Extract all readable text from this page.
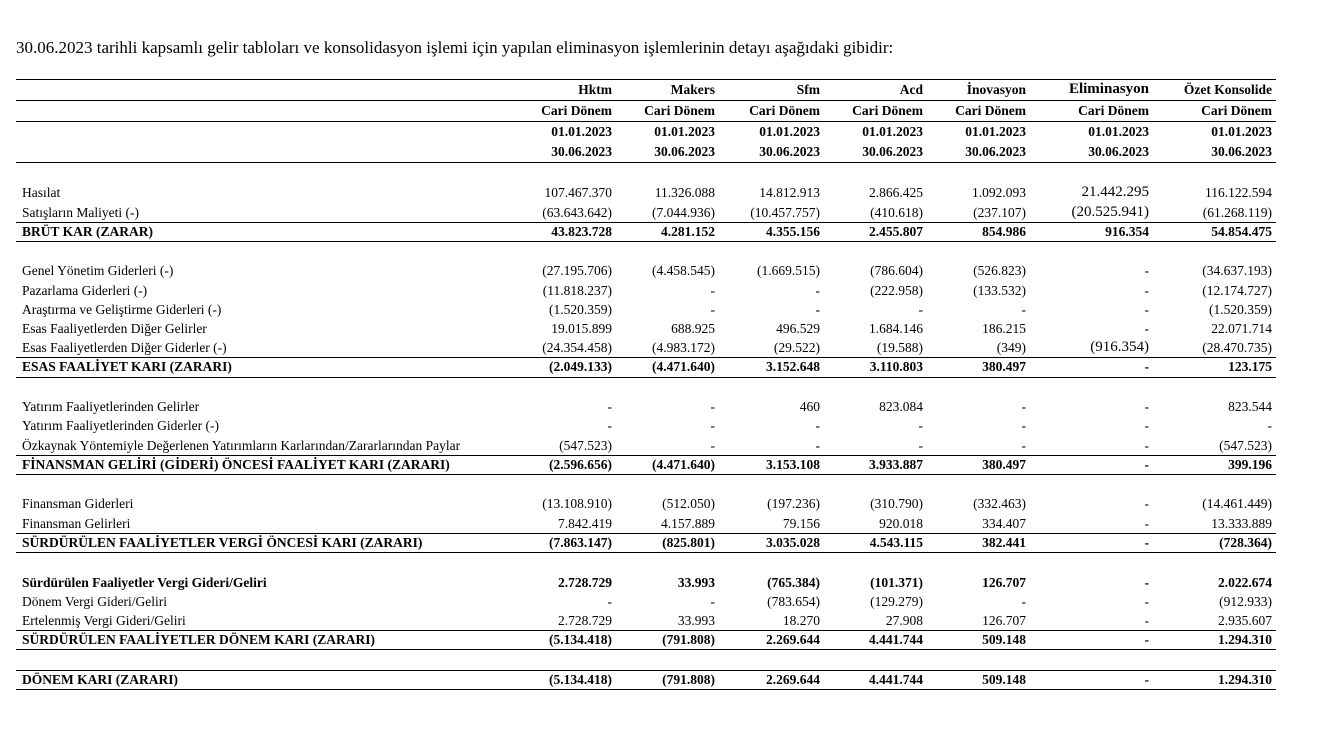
30.06.2023 tarihli kapsamlı gelir tabloları ve konsolidasyon işlemi için yapılan eliminasyon işlemlerinin detayı aşağıdaki gibidir:
Hktm	Makers	Sfm	Acd	İnovasyon	Eliminasyon	Özet Konsolide
Cari Dönem	Cari Dönem	Cari Dönem	Cari Dönem	Cari Dönem	Cari Dönem	Cari Dönem
01.01.2023	01.01.2023	01.01.2023	01.01.2023	01.01.2023	01.01.2023	01.01.2023
30.06.2023	30.06.2023	30.06.2023	30.06.2023	30.06.2023	30.06.2023	30.06.2023
Hasılat	107.467.370	11.326.088	14.812.913	2.866.425	1.092.093	21.442.295	116.122.594
Satışların Maliyeti (-)	(63.643.642)	(7.044.936)	(10.457.757)	(410.618)	(237.107)	(20.525.941)	(61.268.119)
BRÜT KAR (ZARAR)	43.823.728	4.281.152	4.355.156	2.455.807	854.986	916.354	54.854.475
Genel Yönetim Giderleri (-)	(27.195.706)	(4.458.545)	(1.669.515)	(786.604)	(526.823)	-	(34.637.193)
Pazarlama Giderleri (-)	(11.818.237)	-	-	(222.958)	(133.532)	-	(12.174.727)
Araştırma ve Geliştirme Giderleri (-)	(1.520.359)	-	-	-	-	-	(1.520.359)
Esas Faaliyetlerden Diğer Gelirler	19.015.899	688.925	496.529	1.684.146	186.215	-	22.071.714
Esas Faaliyetlerden Diğer Giderler (-)	(24.354.458)	(4.983.172)	(29.522)	(19.588)	(349)	(916.354)	(28.470.735)
ESAS FAALİYET KARI (ZARARI)	(2.049.133)	(4.471.640)	3.152.648	3.110.803	380.497	-	123.175
Yatırım Faaliyetlerinden Gelirler	-	-	460	823.084	-	-	823.544
Yatırım Faaliyetlerinden Giderler (-)	-	-	-	-	-	-	-
Özkaynak Yöntemiyle Değerlenen Yatırımların Karlarından/Zararlarından Paylar	(547.523)	-	-	-	-	-	(547.523)
FİNANSMAN GELİRİ (GİDERİ) ÖNCESİ FAALİYET KARI (ZARARI)	(2.596.656)	(4.471.640)	3.153.108	3.933.887	380.497	-	399.196
Finansman Giderleri	(13.108.910)	(512.050)	(197.236)	(310.790)	(332.463)	-	(14.461.449)
Finansman Gelirleri	7.842.419	4.157.889	79.156	920.018	334.407	-	13.333.889
SÜRDÜRÜLEN FAALİYETLER VERGİ ÖNCESİ KARI (ZARARI)	(7.863.147)	(825.801)	3.035.028	4.543.115	382.441	-	(728.364)
Sürdürülen Faaliyetler Vergi Gideri/Geliri	2.728.729	33.993	(765.384)	(101.371)	126.707	-	2.022.674
Dönem Vergi Gideri/Geliri	-	-	(783.654)	(129.279)	-	-	(912.933)
Ertelenmiş Vergi Gideri/Geliri	2.728.729	33.993	18.270	27.908	126.707	-	2.935.607
SÜRDÜRÜLEN FAALİYETLER DÖNEM KARI (ZARARI)	(5.134.418)	(791.808)	2.269.644	4.441.744	509.148	-	1.294.310
DÖNEM KARI (ZARARI)	(5.134.418)	(791.808)	2.269.644	4.441.744	509.148	-	1.294.310
